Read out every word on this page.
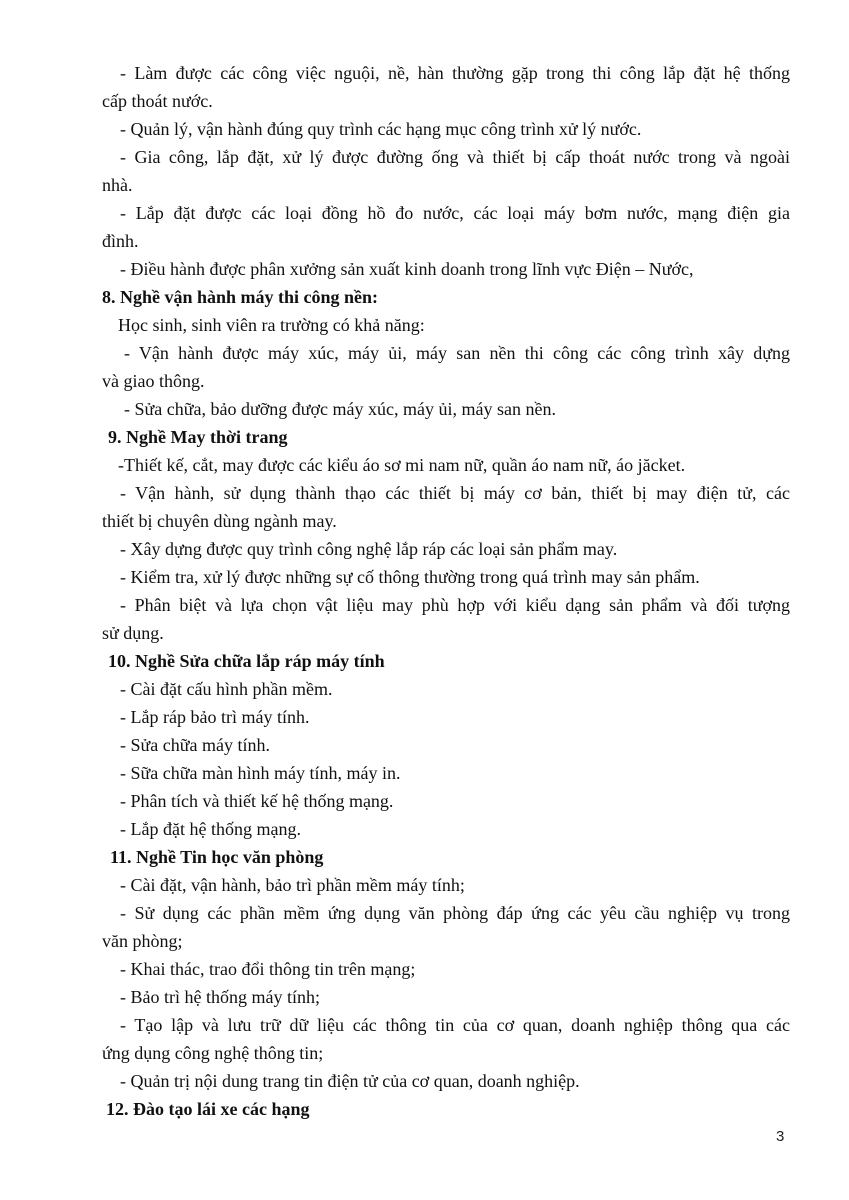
- Làm được các công việc nguội, nề, hàn thường gặp trong thi công lắp đặt hệ thống
cấp thoát nước.
- Quản lý, vận hành đúng quy trình các hạng mục công trình xử lý nước.
- Gia công, lắp đặt, xử lý được đường ống và thiết bị cấp thoát nước trong và ngoài
nhà.
- Lắp đặt được các loại đồng hồ đo nước, các loại máy bơm nước, mạng điện gia
đình.
- Điều hành được phân xưởng sản xuất kinh doanh trong lĩnh vực Điện – Nước,
8. Nghề vận hành máy thi công nền:
Học sinh, sinh viên ra trường có khả năng:
- Vận hành được máy xúc, máy ủi, máy san nền thi công các công trình xây dựng
và giao thông.
- Sửa chữa, bảo dưỡng được máy xúc, máy ủi, máy san nền.
9. Nghề May thời trang
-Thiết kế, cắt, may được các kiểu áo sơ mi nam nữ, quần áo nam nữ, áo jăcket.
- Vận hành, sử dụng thành thạo các thiết bị máy cơ bản, thiết bị may điện tử, các
thiết bị chuyên dùng ngành may.
- Xây dựng được quy trình công nghệ lắp ráp các loại sản phẩm may.
- Kiểm tra, xử lý được những sự cố thông thường trong quá trình may sản phẩm.
- Phân biệt và lựa chọn vật liệu may phù hợp với kiểu dạng sản phẩm và đối tượng
sử dụng.
10. Nghề Sửa chữa lắp ráp máy tính
- Cài đặt cấu hình phần mềm.
- Lắp ráp bảo trì máy tính.
- Sửa chữa máy tính.
- Sữa chữa màn hình máy tính, máy in.
- Phân tích và thiết kế hệ thống mạng.
- Lắp đặt hệ thống mạng.
11. Nghề Tin học văn phòng
- Cài đặt, vận hành, bảo trì phần mềm máy tính;
- Sử dụng các phần mềm ứng dụng văn phòng đáp ứng các yêu cầu nghiệp vụ trong
văn phòng;
- Khai thác, trao đổi thông tin trên mạng;
- Bảo trì hệ thống máy tính;
- Tạo lập và lưu trữ dữ liệu các thông tin của cơ quan, doanh nghiệp thông qua các
ứng dụng công nghệ thông tin;
- Quản trị nội dung trang tin điện tử của cơ quan, doanh nghiệp.
12. Đào tạo lái xe các hạng
3
